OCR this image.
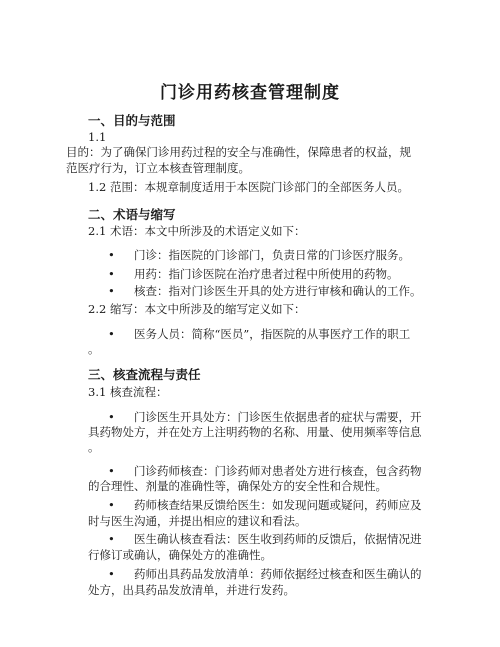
门诊用药核查管理制度
一、目的与范围
1.1
目的：为了确保门诊用药过程的安全与准确性，保障患者的权益，规
范医疗行为，订立本核查管理制度。
1.2 范围：本规章制度适用于本医院门诊部门的全部医务人员。
二、术语与缩写
2.1 术语：本文中所涉及的术语定义如下：
• 门诊：指医院的门诊部门，负责日常的门诊医疗服务。
• 用药：指门诊医院在治疗患者过程中所使用的药物。
• 核查：指对门诊医生开具的处方进行审核和确认的工作。
2.2 缩写：本文中所涉及的缩写定义如下：
• 医务人员：简称“医员”，指医院的从事医疗工作的职工
。
三、核查流程与责任
3.1 核查流程：
• 门诊医生开具处方：门诊医生依据患者的症状与需要，开
具药物处方，并在处方上注明药物的名称、用量、使用频率等信息
。
• 门诊药师核查：门诊药师对患者处方进行核查，包含药物
的合理性、剂量的准确性等，确保处方的安全性和合规性。
• 药师核查结果反馈给医生：如发现问题或疑问，药师应及
时与医生沟通，并提出相应的建议和看法。
• 医生确认核查看法：医生收到药师的反馈后，依据情况进
行修订或确认，确保处方的准确性。
• 药师出具药品发放清单：药师依据经过核查和医生确认的
处方，出具药品发放清单，并进行发药。
